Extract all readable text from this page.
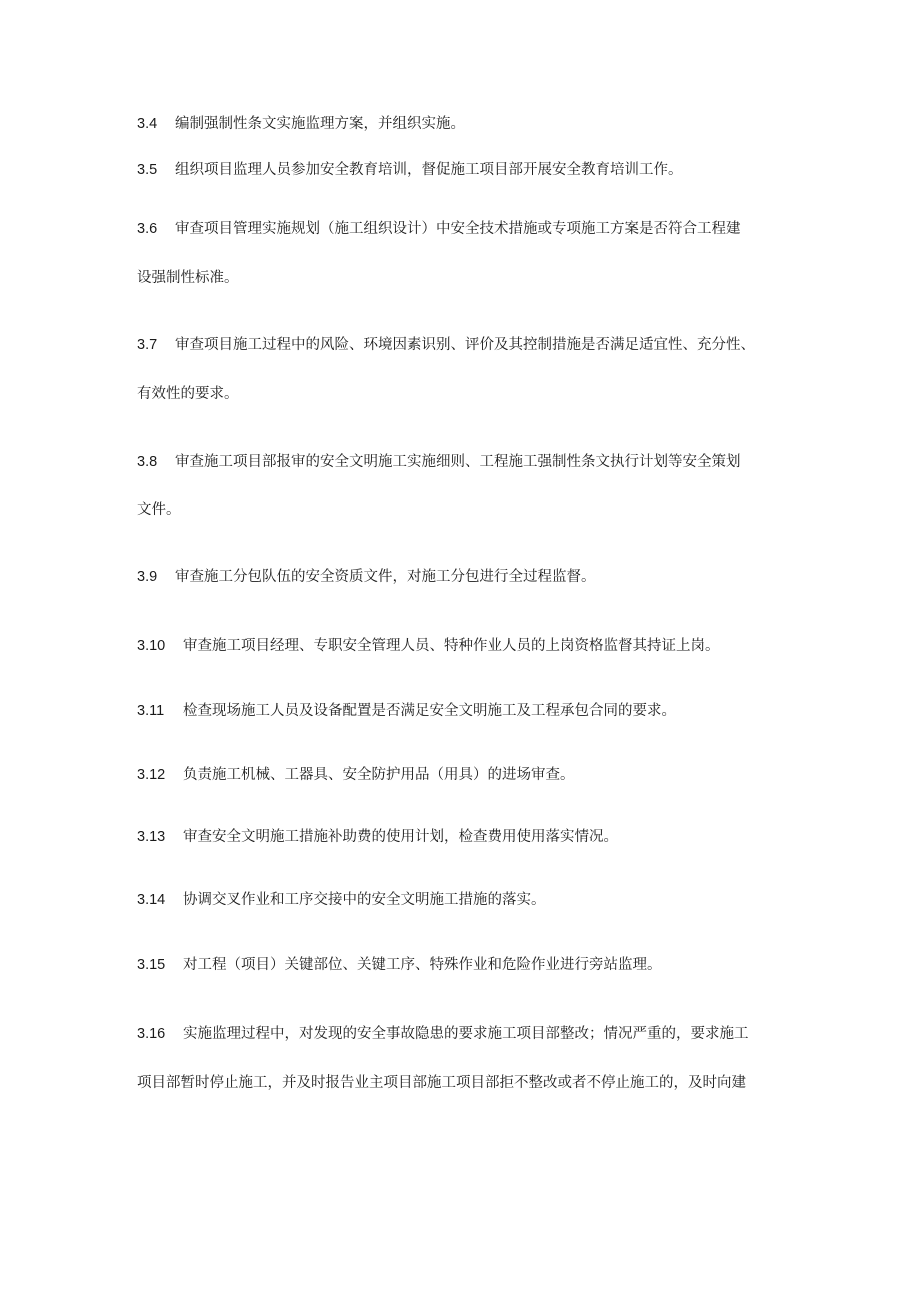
3.4 编制强制性条文实施监理方案，并组织实施。
3.5 组织项目监理人员参加安全教育培训，督促施工项目部开展安全教育培训工作。
3.6 审查项目管理实施规划（施工组织设计）中安全技术措施或专项施工方案是否符合工程建
设强制性标准。
3.7 审查项目施工过程中的风险、环境因素识别、评价及其控制措施是否满足适宜性、充分性、
有效性的要求。
3.8 审查施工项目部报审的安全文明施工实施细则、工程施工强制性条文执行计划等安全策划
文件。
3.9 审查施工分包队伍的安全资质文件，对施工分包进行全过程监督。
3.10 审查施工项目经理、专职安全管理人员、特种作业人员的上岗资格监督其持证上岗。
3.11 检查现场施工人员及设备配置是否满足安全文明施工及工程承包合同的要求。
3.12 负责施工机械、工器具、安全防护用品（用具）的进场审查。
3.13 审查安全文明施工措施补助费的使用计划，检查费用使用落实情况。
3.14 协调交叉作业和工序交接中的安全文明施工措施的落实。
3.15 对工程（项目）关键部位、关键工序、特殊作业和危险作业进行旁站监理。
3.16 实施监理过程中，对发现的安全事故隐患的要求施工项目部整改；情况严重的，要求施工
项目部暂时停止施工，并及时报告业主项目部施工项目部拒不整改或者不停止施工的，及时向建
